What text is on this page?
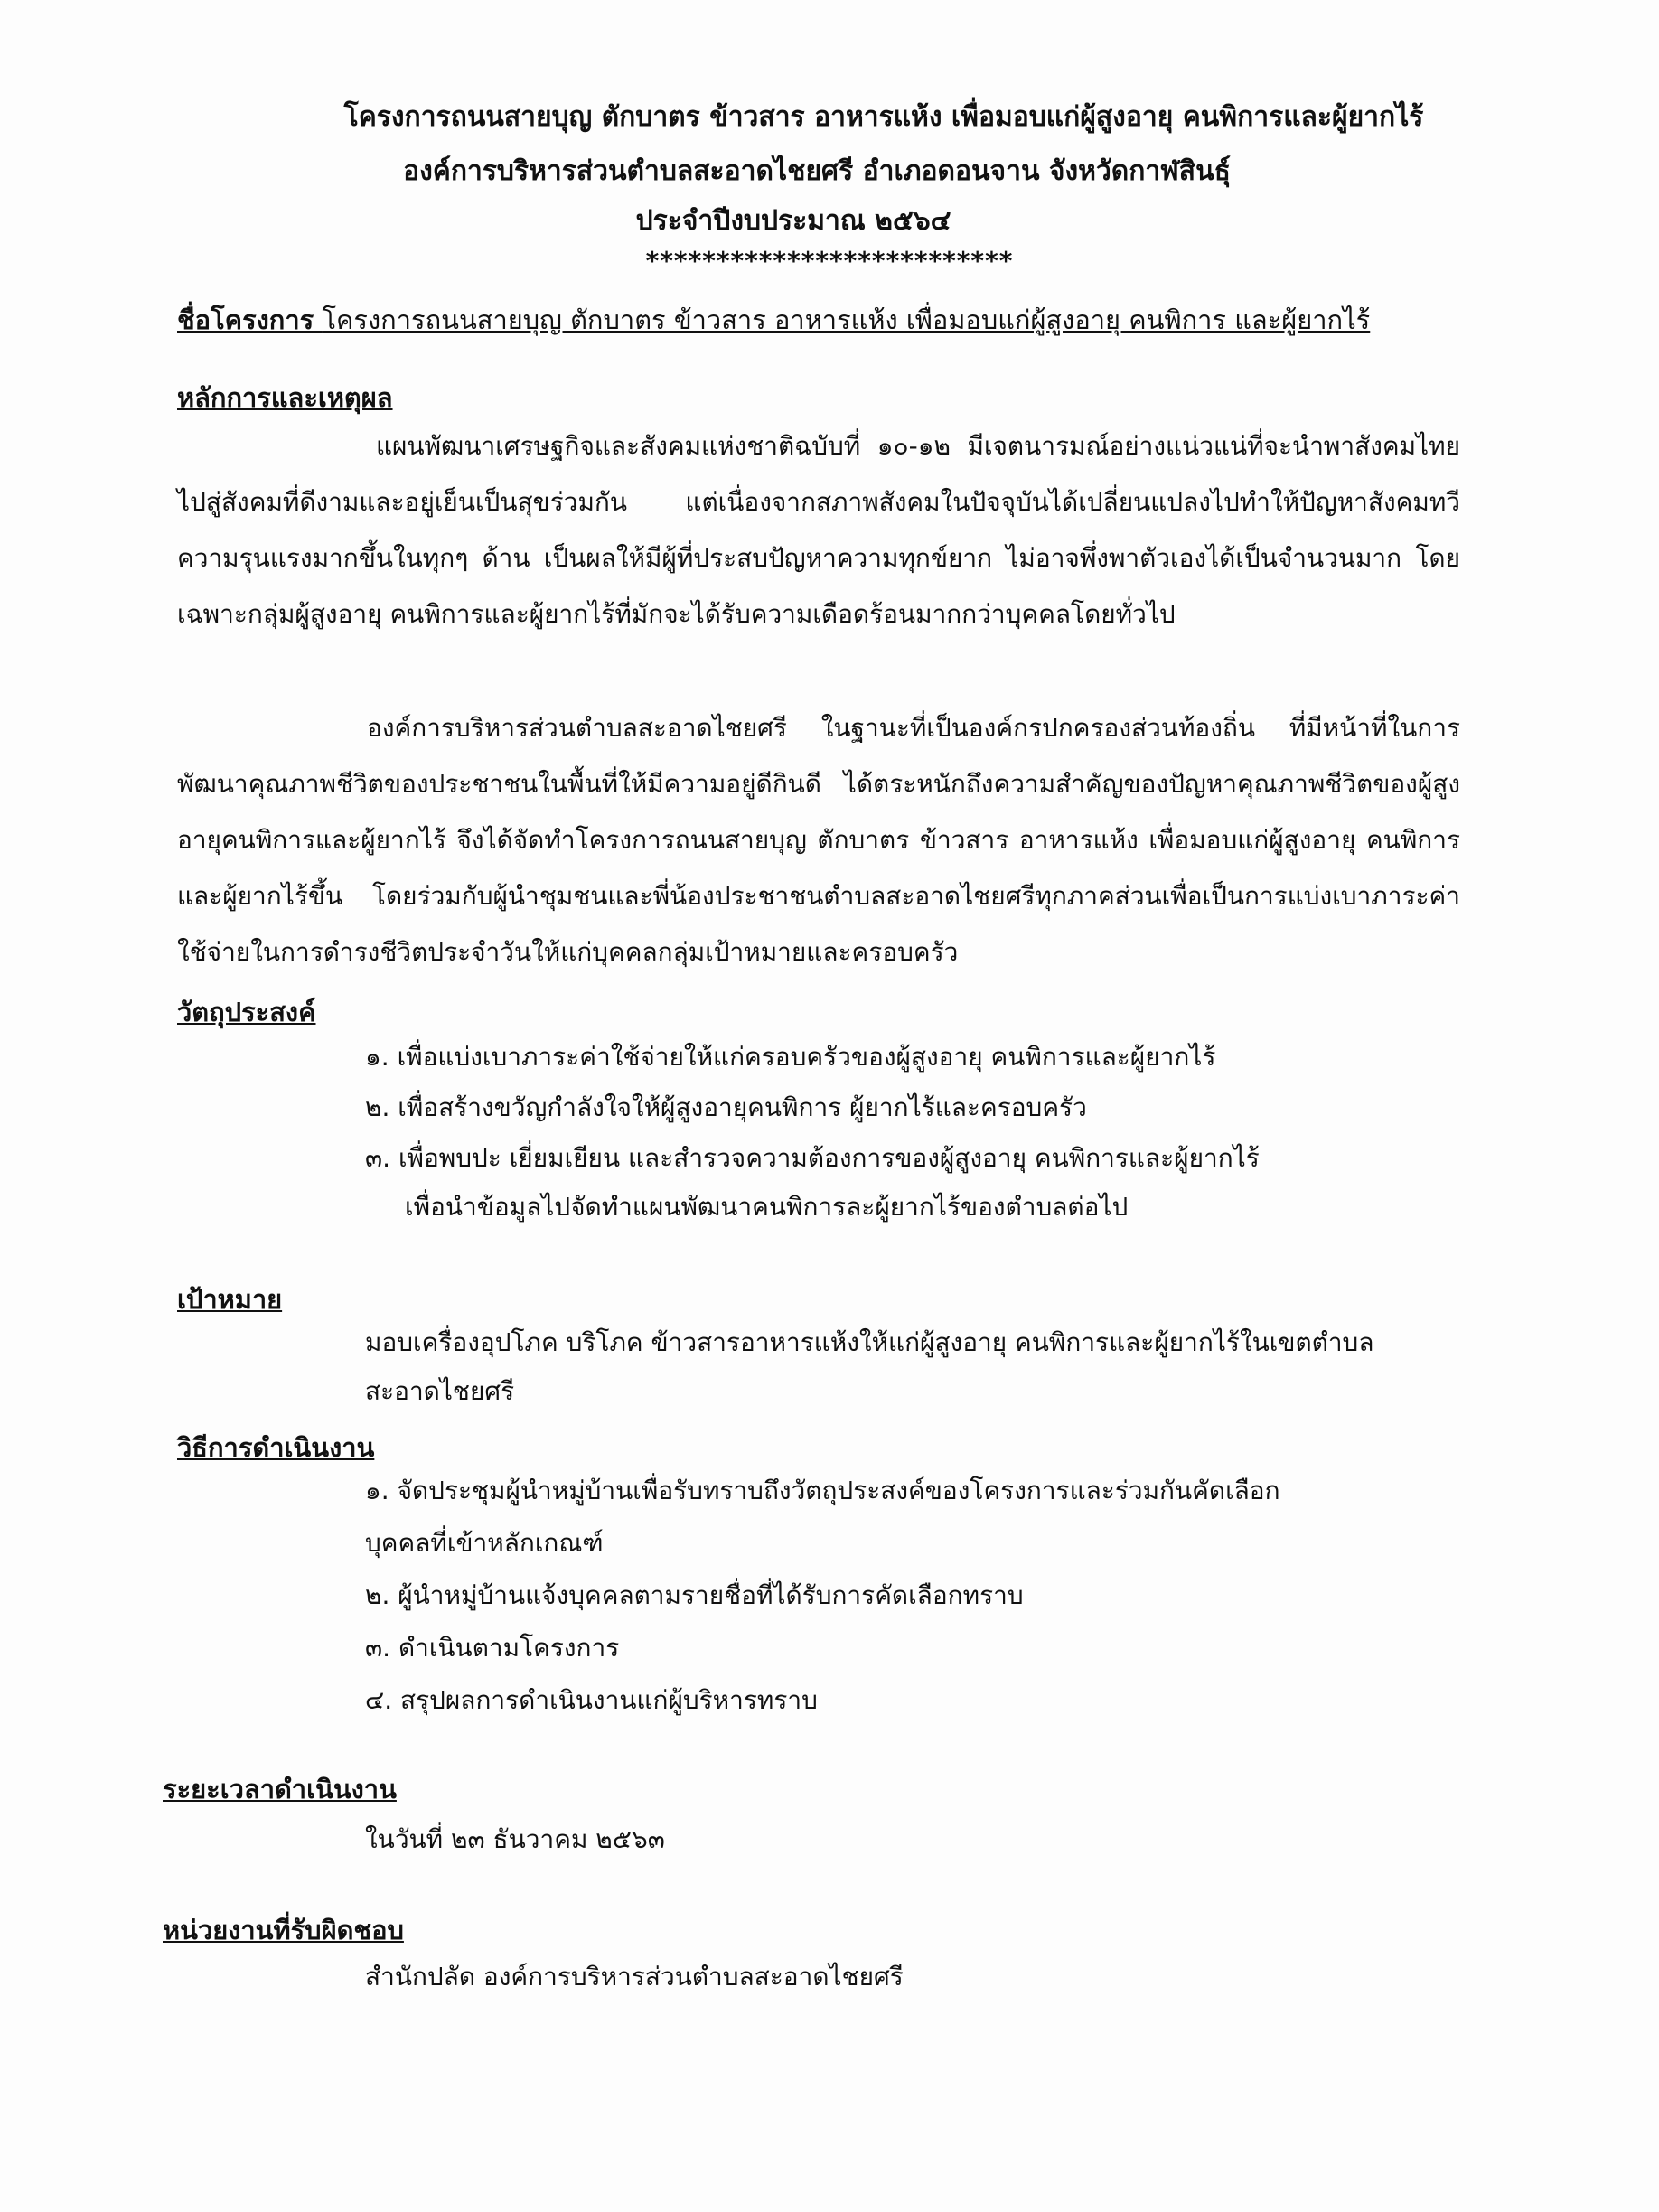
โครงการถนนสายบุญ ตักบาตร ข้าวสาร อาหารแห้ง เพื่อมอบแก่ผู้สูงอายุ คนพิการและผู้ยากไร้
องค์การบริหารส่วนตำบลสะอาดไชยศรี อำเภอดอนจาน จังหวัดกาฬสินธุ์
ประจำปีงบประมาณ ๒๕๖๔
**************************
ชื่อโครงการ โครงการถนนสายบุญ ตักบาตร ข้าวสาร อาหารแห้ง เพื่อมอบแก่ผู้สูงอายุ คนพิการ และผู้ยากไร้
หลักการและเหตุผล
แผนพัฒนาเศรษฐกิจและสังคมแห่งชาติฉบับที่ ๑๐-๑๒ มีเจตนารมณ์อย่างแน่วแน่ที่จะนำพาสังคมไทยไปสู่สังคมที่ดีงามและอยู่เย็นเป็นสุขร่วมกัน แต่เนื่องจากสภาพสังคมในปัจจุบันได้เปลี่ยนแปลงไปทำให้ปัญหาสังคมทวีความรุนแรงมากขึ้นในทุกๆ ด้าน เป็นผลให้มีผู้ที่ประสบปัญหาความทุกข์ยาก ไม่อาจพึ่งพาตัวเองได้เป็นจำนวนมาก โดยเฉพาะกลุ่มผู้สูงอายุ คนพิการและผู้ยากไร้ที่มักจะได้รับความเดือดร้อนมากกว่าบุคคลโดยทั่วไป
องค์การบริหารส่วนตำบลสะอาดไชยศรี ในฐานะที่เป็นองค์กรปกครองส่วนท้องถิ่น ที่มีหน้าที่ในการพัฒนาคุณภาพชีวิตของประชาชนในพื้นที่ให้มีความอยู่ดีกินดี ได้ตระหนักถึงความสำคัญของปัญหาคุณภาพชีวิตของผู้สูงอายุคนพิการและผู้ยากไร้ จึงได้จัดทำโครงการถนนสายบุญ ตักบาตร ข้าวสาร อาหารแห้ง เพื่อมอบแก่ผู้สูงอายุ คนพิการ และผู้ยากไร้ขึ้น โดยร่วมกับผู้นำชุมชนและพี่น้องประชาชนตำบลสะอาดไชยศรีทุกภาคส่วนเพื่อเป็นการแบ่งเบาภาระค่าใช้จ่ายในการดำรงชีวิตประจำวันให้แก่บุคคลกลุ่มเป้าหมายและครอบครัว
วัตถุประสงค์
๑. เพื่อแบ่งเบาภาระค่าใช้จ่ายให้แก่ครอบครัวของผู้สูงอายุ คนพิการและผู้ยากไร้
๒. เพื่อสร้างขวัญกำลังใจให้ผู้สูงอายุคนพิการ ผู้ยากไร้และครอบครัว
๓. เพื่อพบปะ เยี่ยมเยียน และสำรวจความต้องการของผู้สูงอายุ คนพิการและผู้ยากไร้
เพื่อนำข้อมูลไปจัดทำแผนพัฒนาคนพิการละผู้ยากไร้ของตำบลต่อไป
เป้าหมาย
มอบเครื่องอุปโภค บริโภค ข้าวสารอาหารแห้งให้แก่ผู้สูงอายุ คนพิการและผู้ยากไร้ในเขตตำบล
สะอาดไชยศรี
วิธีการดำเนินงาน
๑. จัดประชุมผู้นำหมู่บ้านเพื่อรับทราบถึงวัตถุประสงค์ของโครงการและร่วมกันคัดเลือก
บุคคลที่เข้าหลักเกณฑ์
๒. ผู้นำหมู่บ้านแจ้งบุคคลตามรายชื่อที่ได้รับการคัดเลือกทราบ
๓. ดำเนินตามโครงการ
๔. สรุปผลการดำเนินงานแก่ผู้บริหารทราบ
ระยะเวลาดำเนินงาน
ในวันที่ ๒๓ ธันวาคม ๒๕๖๓
หน่วยงานที่รับผิดชอบ
สำนักปลัด องค์การบริหารส่วนตำบลสะอาดไชยศรี
